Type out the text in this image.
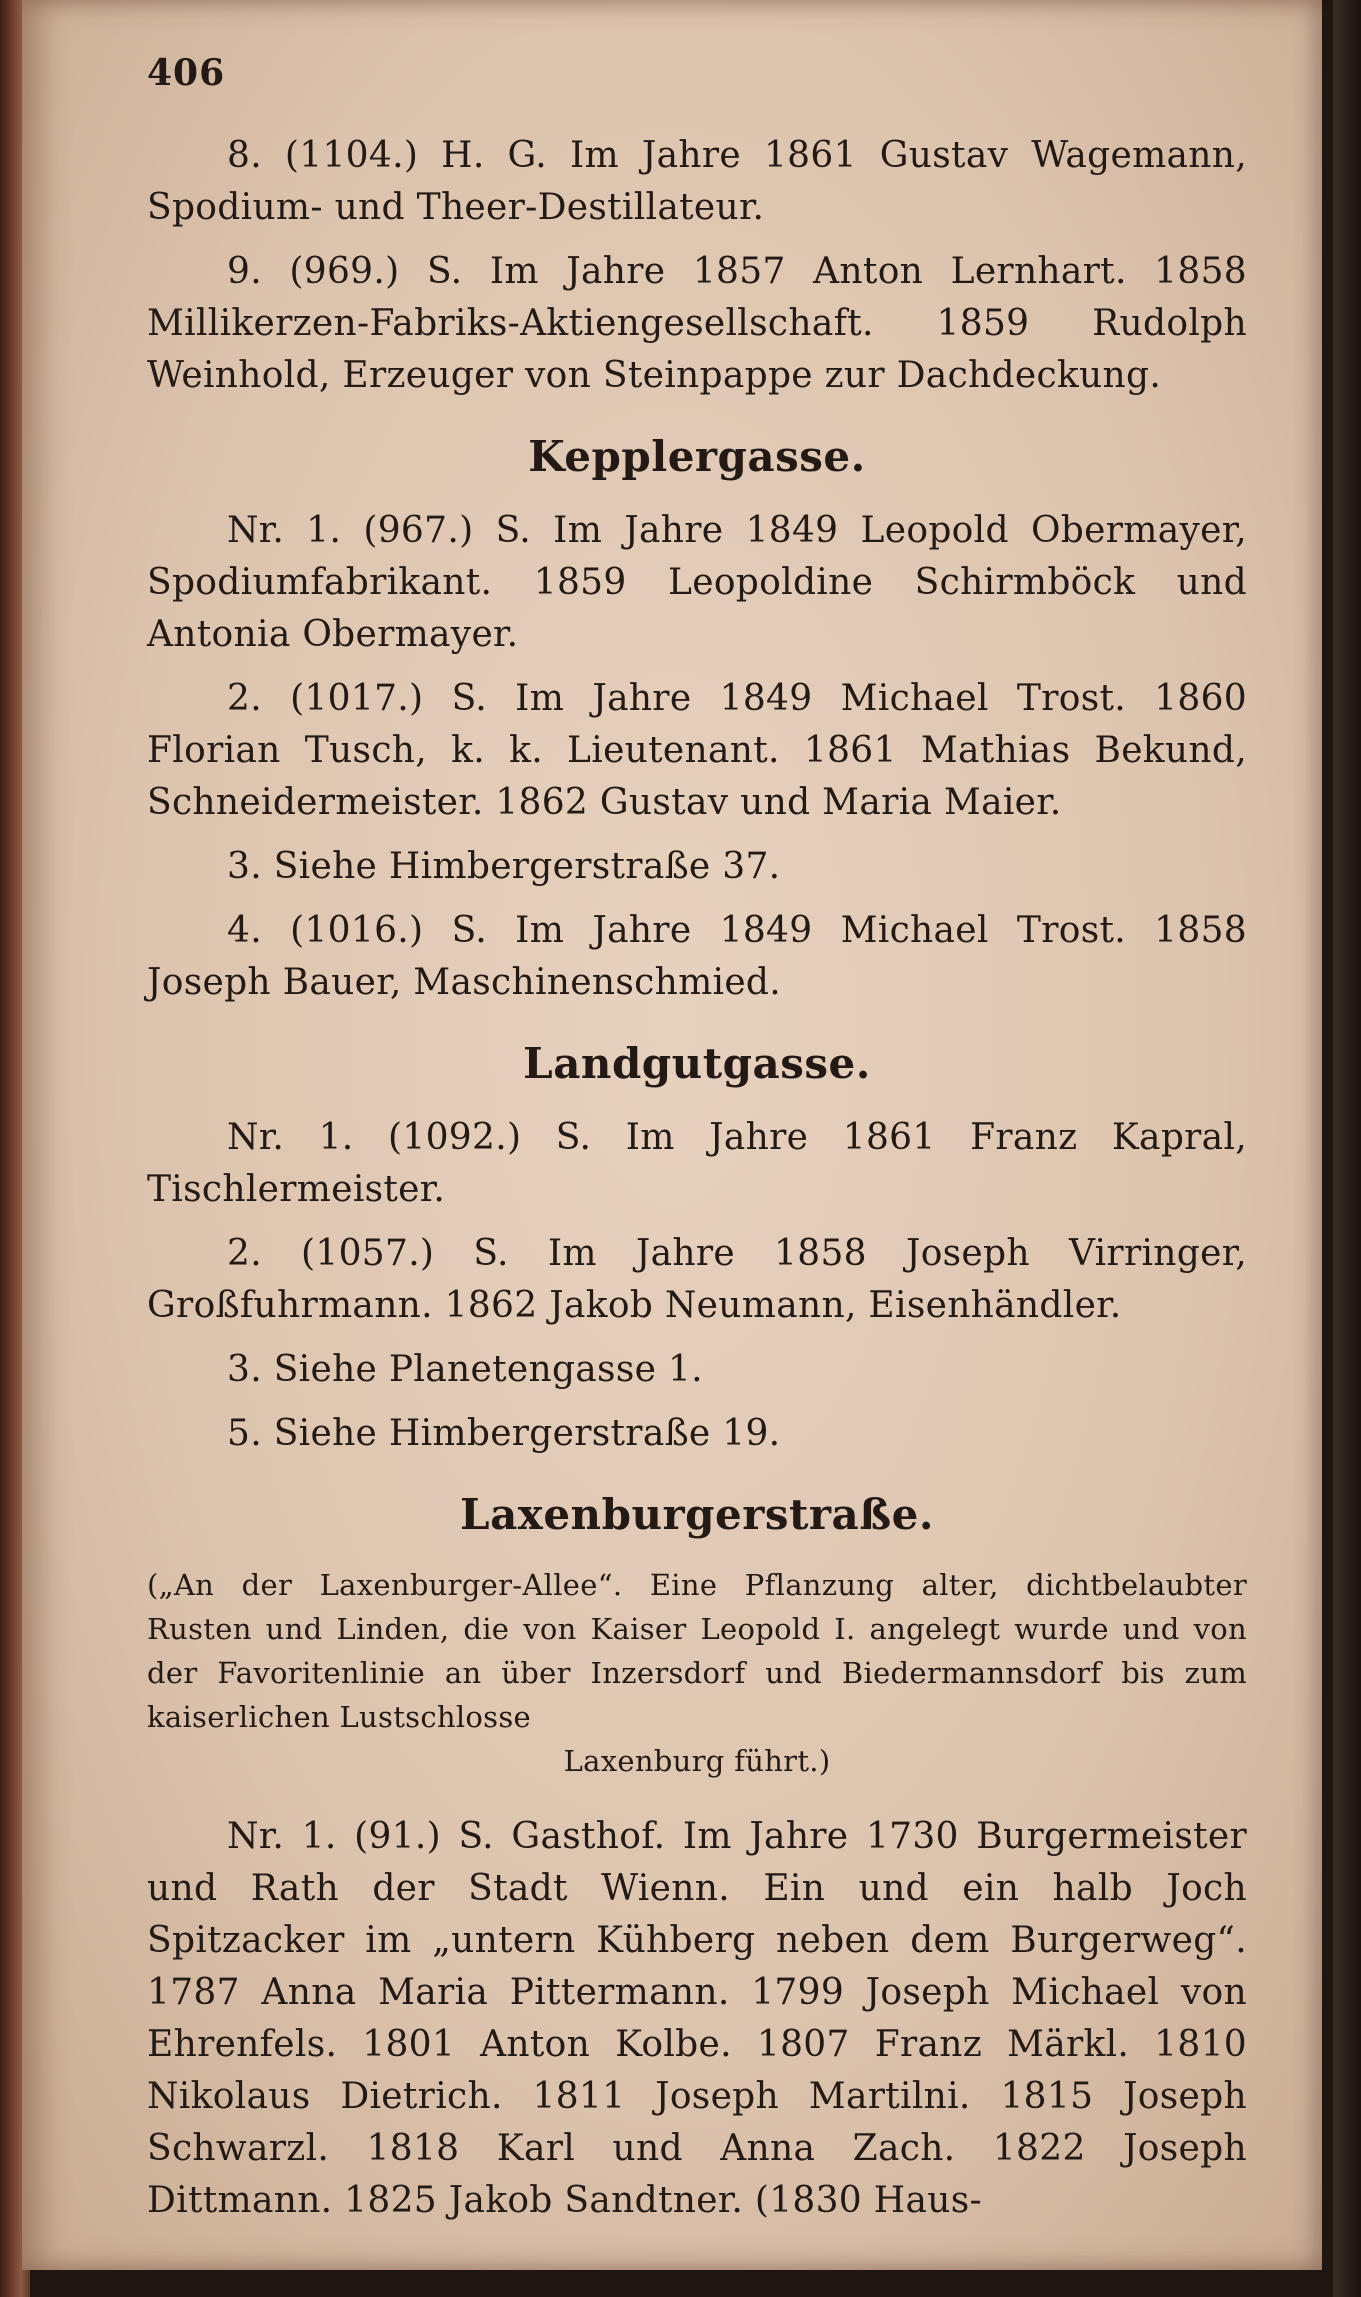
406

8. (1104.) H. G. Im Jahre 1861 Gustav Wagemann, Spodium- und Theer-Destillateur.

9. (969.) S. Im Jahre 1857 Anton Lernhart. 1858 Millikerzen-Fabriks-Aktiengesellschaft. 1859 Rudolph Weinhold, Erzeuger von Steinpappe zur Dachdeckung.

Kepplergasse.

Nr. 1. (967.) S. Im Jahre 1849 Leopold Obermayer, Spodiumfabrikant. 1859 Leopoldine Schirmböck und Antonia Obermayer.

2. (1017.) S. Im Jahre 1849 Michael Trost. 1860 Florian Tusch, k. k. Lieutenant. 1861 Mathias Bekund, Schneidermeister. 1862 Gustav und Maria Maier.

3. Siehe Himbergerstraße 37.

4. (1016.) S. Im Jahre 1849 Michael Trost. 1858 Joseph Bauer, Maschinenschmied.

Landgutgasse.

Nr. 1. (1092.) S. Im Jahre 1861 Franz Kapral, Tischlermeister.

2. (1057.) S. Im Jahre 1858 Joseph Virringer, Großfuhrmann. 1862 Jakob Neumann, Eisenhändler.

3. Siehe Planetengasse 1.

5. Siehe Himbergerstraße 19.

Laxenburgerstraße.

(„An der Laxenburger-Allee“. Eine Pflanzung alter, dichtbelaubter Rusten und Linden, die von Kaiser Leopold I. angelegt wurde und von der Favoritenlinie an über Inzersdorf und Biedermannsdorf bis zum kaiserlichen Lustschlosse
Laxenburg führt.)

Nr. 1. (91.) S. Gasthof. Im Jahre 1730 Burgermeister und Rath der Stadt Wienn. Ein und ein halb Joch Spitzacker im „untern Kühberg neben dem Burgerweg“. 1787 Anna Maria Pittermann. 1799 Joseph Michael von Ehrenfels. 1801 Anton Kolbe. 1807 Franz Märkl. 1810 Nikolaus Dietrich. 1811 Joseph Martilni. 1815 Joseph Schwarzl. 1818 Karl und Anna Zach. 1822 Joseph Dittmann. 1825 Jakob Sandtner. (1830 Haus-
